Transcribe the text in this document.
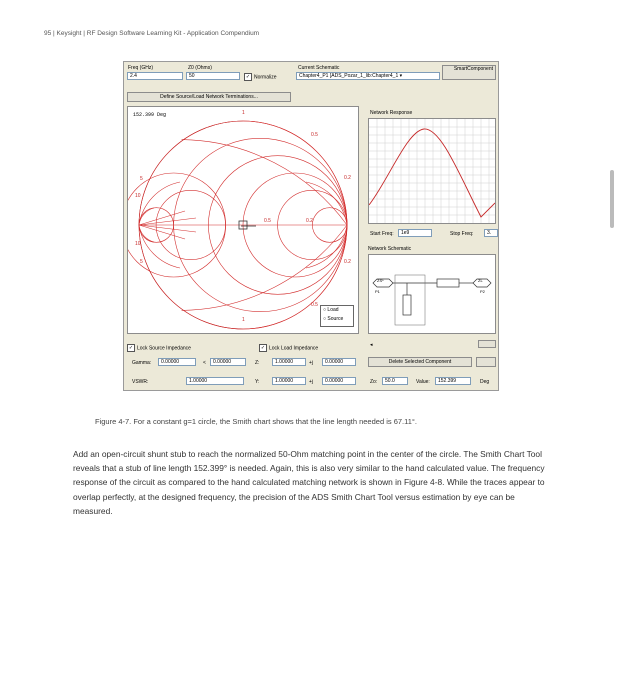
95 | Keysight | RF Design Software Learning Kit - Application Compendium
Freq (GHz)
2.4
Z0 (Ohms)
50	✓ Normalize
Current Schematic
Chapter4_P1 [ADS_Pozar_1_lib:Chapter4_1 ▾
SmartComponent
Define Source/Load Network Terminations...
152.399 Deg	1
0.5
0.2
5
10
10
5	0.2
0.5
0.2
0.5
1
○ Load
○ Source
Network Response
Start Freq:	1e9	Stop Freq:	3.
Network Schematic
ZS*	ZL
P1	P2
✓ Lock Source Impedance	✓ Lock Load Impedance
◂
Gamma:	0.00000	<	0.00000	Z:	1.00000	+j	0.00000	Delete Selected Component
VSWR:	1.00000	Y:	1.00000	+j	0.00000	Zo:	50.0	Value:	152.399	Deg
Figure 4-7. For a constant g=1 circle, the Smith chart shows that the line length needed is 67.11°.
Add an open-circuit shunt stub to reach the normalized 50-Ohm matching point in the center of the circle. The Smith Chart Tool reveals that a stub of line length 152.399° is needed. Again, this is also very similar to the hand calculated value. The frequency response of the circuit as compared to the hand calculated matching network is shown in Figure 4-8. While the traces appear to overlap perfectly, at the designed frequency, the precision of the ADS Smith Chart Tool versus estimation by eye can be measured.
